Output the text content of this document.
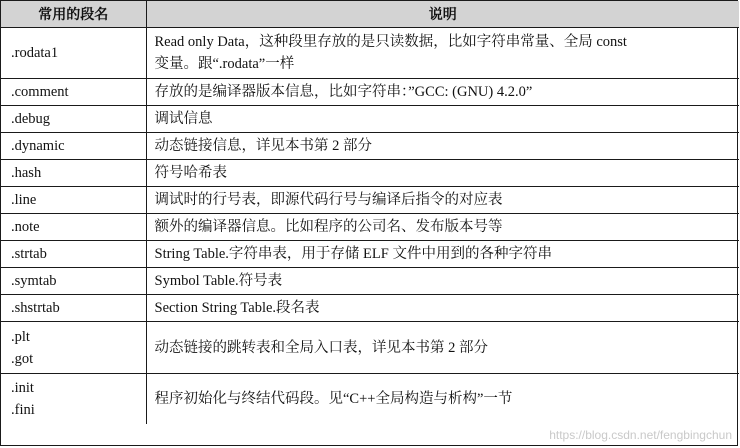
常用的段名	说明

.rodata1	Read only Data，这种段里存放的是只读数据，比如字符串常量、全局 const
变量。跟“.rodata”一样

.comment	存放的是编译器版本信息，比如字符串：”GCC: (GNU) 4.2.0”

.debug	调试信息

.dynamic	动态链接信息，详见本书第 2 部分

.hash	符号哈希表

.line	调试时的行号表，即源代码行号与编译后指令的对应表

.note	额外的编译器信息。比如程序的公司名、发布版本号等

.strtab	String Table.字符串表，用于存储 ELF 文件中用到的各种字符串

.symtab	Symbol Table.符号表

.shstrtab	Section String Table.段名表

.plt
.got	动态链接的跳转表和全局入口表，详见本书第 2 部分

.init
.fini	程序初始化与终结代码段。见“C++全局构造与析构”一节
https://blog.csdn.net/fengbingchun
